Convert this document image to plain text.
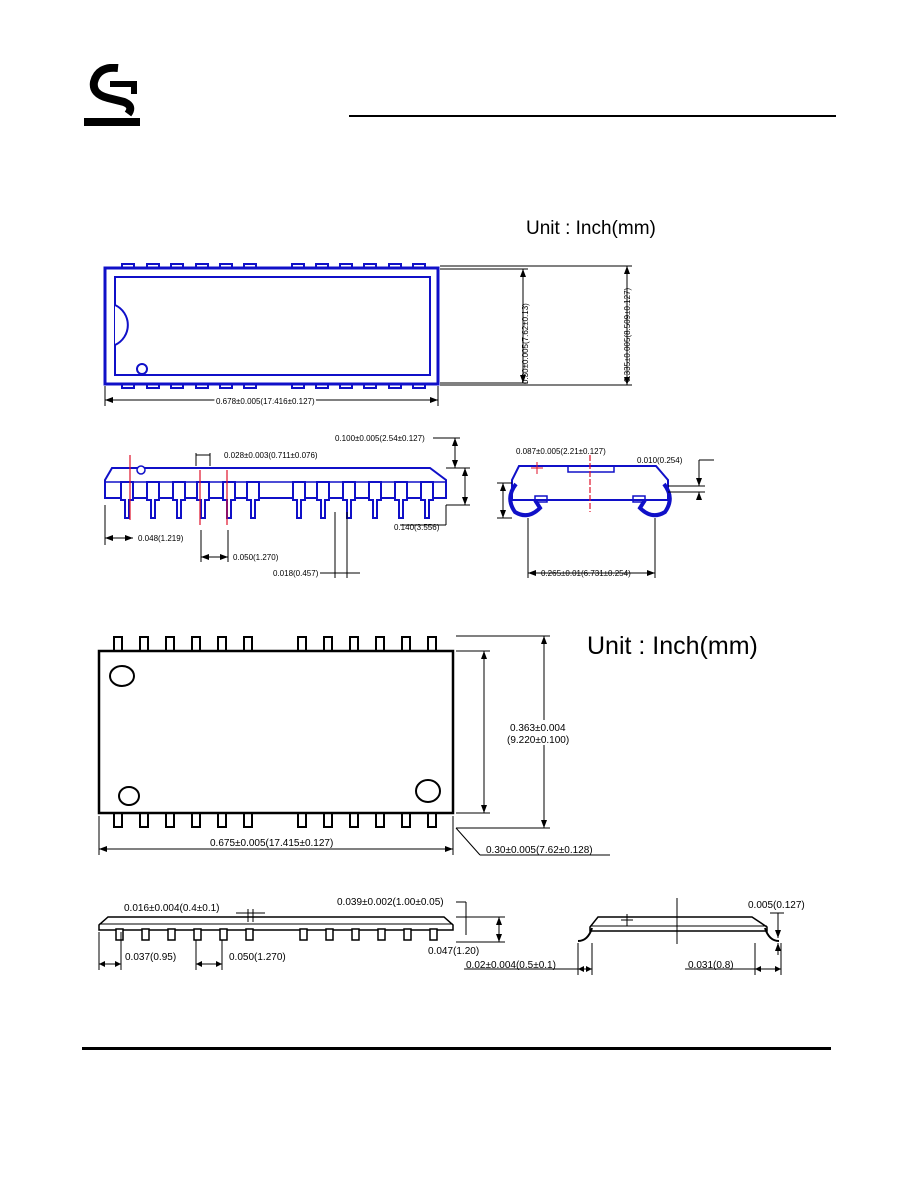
Unit : Inch(mm)
Unit : Inch(mm)
0.30±0.005(7.62±0.13)	0.335±0.005(8.509±0.127)
0.678±0.005(17.416±0.127)
0.100±0.005(2.54±0.127)
0.028±0.003(0.711±0.076)
0.048(1.219)
0.050(1.270)
0.018(0.457)
0.140(3.556)
0.087±0.005(2.21±0.127)
0.010(0.254)
0.265±0.01(6.731±0.254)
0.363±0.004
(9.220±0.100)
0.675±0.005(17.415±0.127)
0.30±0.005(7.62±0.128)
0.016±0.004(0.4±0.1)
0.039±0.002(1.00±0.05)
0.037(0.95)	0.050(1.270)
0.047(1.20)
0.005(0.127)
0.02±0.004(0.5±0.1)	0.031(0.8)
